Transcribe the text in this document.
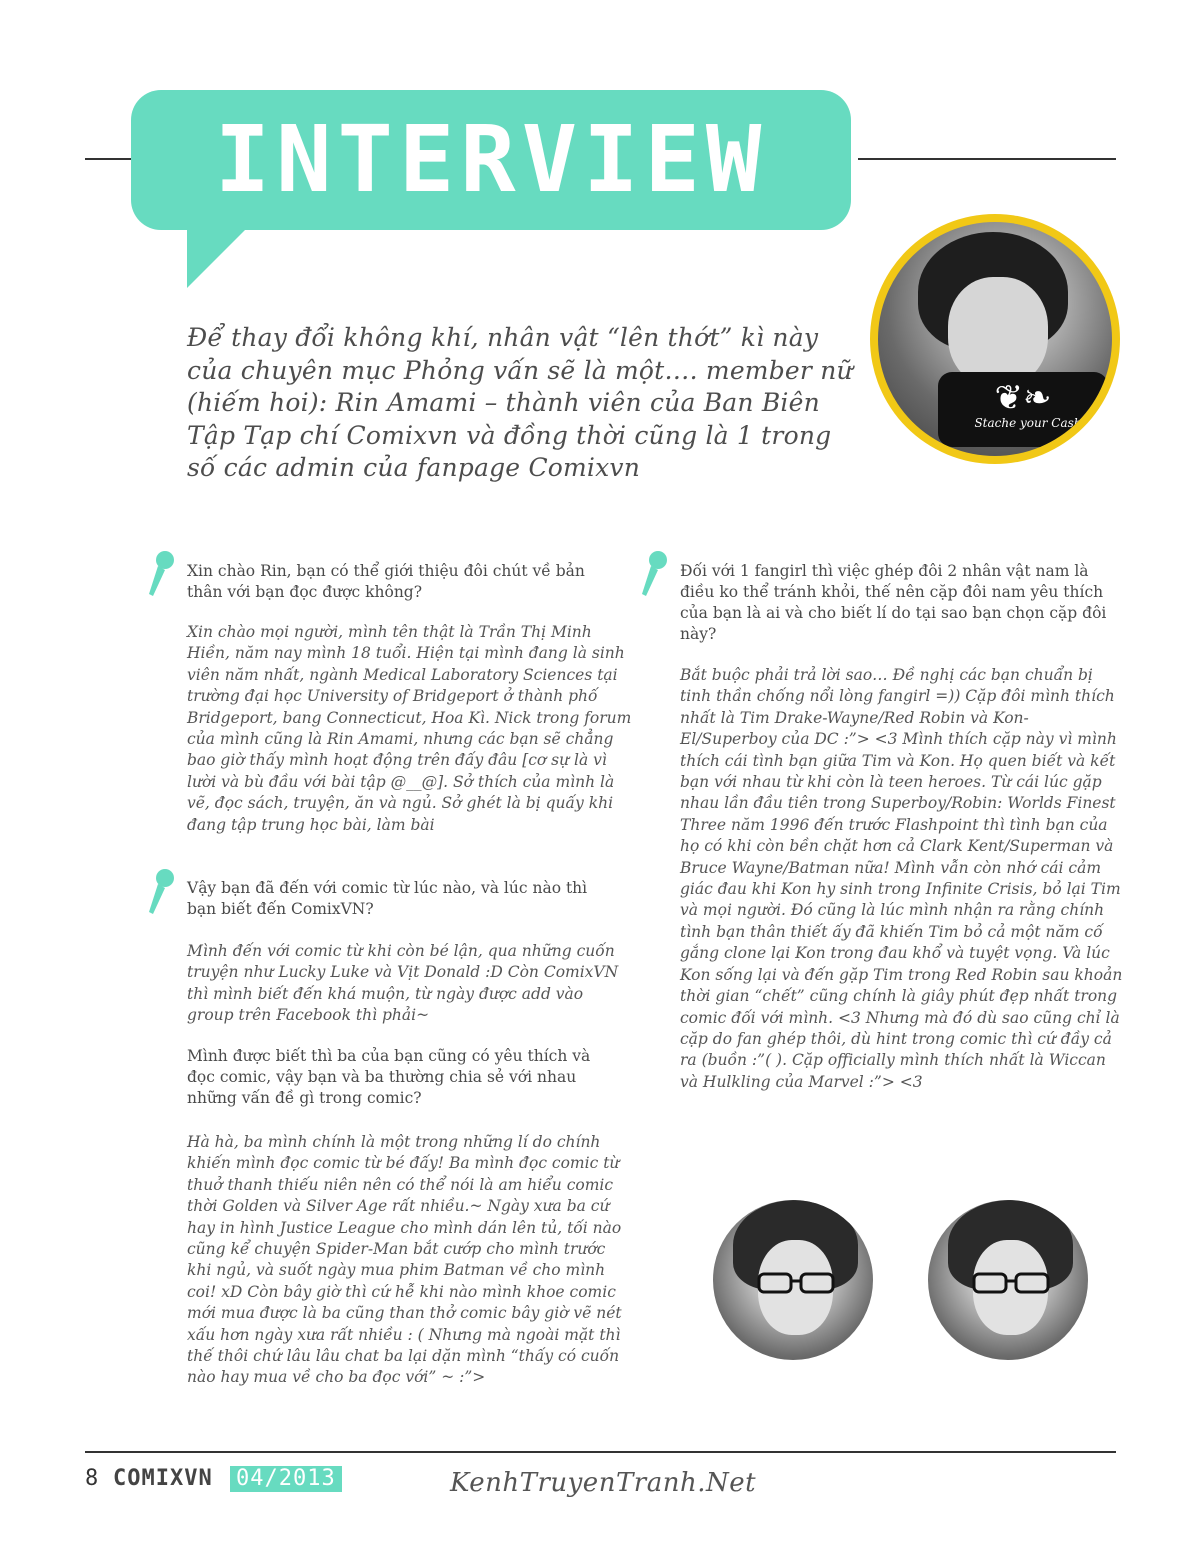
INTERVIEW
Để thay đổi không khí, nhân vật “lên thớt” kì này của chuyên mục Phỏng vấn sẽ là một…. member nữ (hiếm hoi): Rin Amami – thành viên của Ban Biên Tập Tạp chí Comixvn và đồng thời cũng là 1 trong số các admin của fanpage Comixvn
❦❧
Stache your Cash
Xin chào Rin, bạn có thể giới thiệu đôi chút về bản thân với bạn đọc được không?
Xin chào mọi người, mình tên thật là Trần Thị Minh Hiền, năm nay mình 18 tuổi. Hiện tại mình đang là sinh viên năm nhất, ngành Medical Laboratory Sciences tại trường đại học University of Bridgeport ở thành phố Bridgeport, bang Connecticut, Hoa Kì. Nick trong forum của mình cũng là Rin Amami, nhưng các bạn sẽ chẳng bao giờ thấy mình hoạt động trên đấy đâu [cơ sự là vì lười và bù đầu với bài tập @__@]. Sở thích của mình là vẽ, đọc sách, truyện, ăn và ngủ. Sở ghét là bị quấy khi đang tập trung học bài, làm bài
Vậy bạn đã đến với comic từ lúc nào, và lúc nào thì bạn biết đến ComixVN?
Mình đến với comic từ khi còn bé lận, qua những cuốn truyện như Lucky Luke và Vịt Donald :D Còn ComixVN thì mình biết đến khá muộn, từ ngày được add vào group trên Facebook thì phải~
Mình được biết thì ba của bạn cũng có yêu thích và đọc comic, vậy bạn và ba thường chia sẻ với nhau những vấn đề gì trong comic?
Hà hà, ba mình chính là một trong những lí do chính khiến mình đọc comic từ bé đấy! Ba mình đọc comic từ thuở thanh thiếu niên nên có thể nói là am hiểu comic thời Golden và Silver Age rất nhiều.~ Ngày xưa ba cứ hay in hình Justice League cho mình dán lên tủ, tối nào cũng kể chuyện Spider-Man bắt cướp cho mình trước khi ngủ, và suốt ngày mua phim Batman về cho mình coi! xD Còn bây giờ thì cứ hễ khi nào mình khoe comic mới mua được là ba cũng than thở comic bây giờ vẽ nét xấu hơn ngày xưa rất nhiều : ( Nhưng mà ngoài mặt thì thế thôi chứ lâu lâu chat ba lại dặn mình “thấy có cuốn nào hay mua về cho ba đọc với” ~ :”>
Đối với 1 fangirl thì việc ghép đôi 2 nhân vật nam là điều ko thể tránh khỏi, thế nên cặp đôi nam yêu thích của bạn là ai và cho biết lí do tại sao bạn chọn cặp đôi này?
Bắt buộc phải trả lời sao… Đề nghị các bạn chuẩn bị tinh thần chống nổi lòng fangirl =)) Cặp đôi mình thích nhất là Tim Drake-Wayne/Red Robin và Kon-El/Superboy của DC :”> <3 Mình thích cặp này vì mình thích cái tình bạn giữa Tim và Kon. Họ quen biết và kết bạn với nhau từ khi còn là teen heroes. Từ cái lúc gặp nhau lần đầu tiên trong Superboy/Robin: Worlds Finest Three năm 1996 đến trước Flashpoint thì tình bạn của họ có khi còn bền chặt hơn cả Clark Kent/Superman và Bruce Wayne/Batman nữa! Mình vẫn còn nhớ cái cảm giác đau khi Kon hy sinh trong Infinite Crisis, bỏ lại Tim và mọi người. Đó cũng là lúc mình nhận ra rằng chính tình bạn thân thiết ấy đã khiến Tim bỏ cả một năm cố gắng clone lại Kon trong đau khổ và tuyệt vọng. Và lúc Kon sống lại và đến gặp Tim trong Red Robin sau khoản thời gian “chết” cũng chính là giây phút đẹp nhất trong comic đối với mình. <3 Nhưng mà đó dù sao cũng chỉ là cặp do fan ghép thôi, dù hint trong comic thì cứ đầy cả ra (buồn :”( ). Cặp officially mình thích nhất là Wiccan và Hulkling của Marvel :”> <3
8 COMIXVN 04/2013	KenhTruyenTranh.Net
